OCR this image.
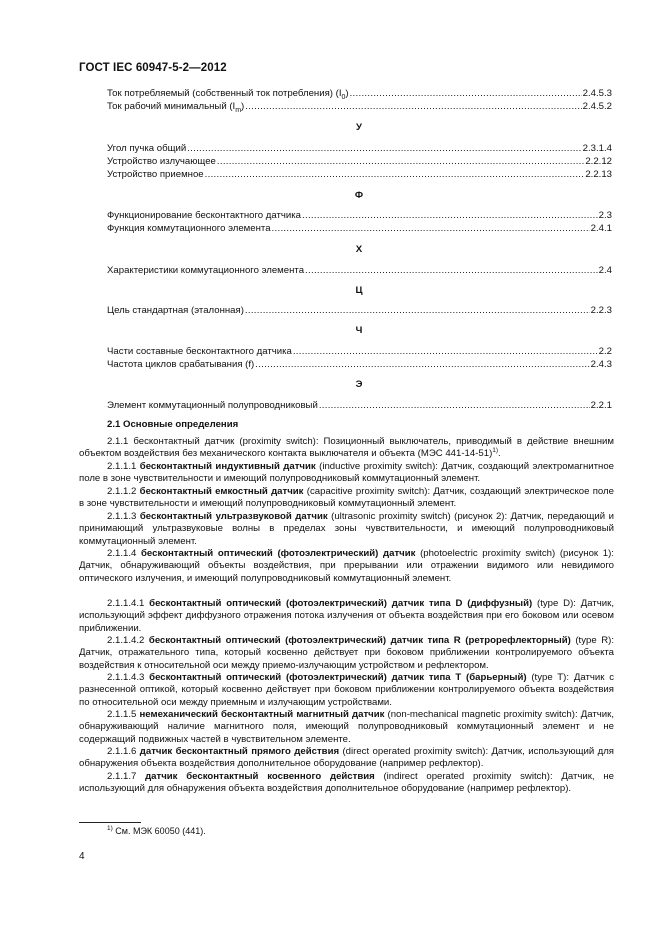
ГОСТ IEC 60947-5-2—2012
Ток потребляемый (собственный ток потребления) $(I_0)$ .....	2.4.5.3
Ток рабочий минимальный $(I_m)$ .....	2.4.5.2
У
Угол пучка общий .....	2.3.1.4
Устройство излучающее .....	2.2.12
Устройство приемное .....	2.2.13
Ф
Функционирование бесконтактного датчика .....	2.3
Функция коммутационного элемента .....	2.4.1
Х
Характеристики коммутационного элемента .....	2.4
Ц
Цель стандартная (эталонная) .....	2.2.3
Ч
Части составные бесконтактного датчика .....	2.2
Частота циклов срабатывания (f) .....	2.4.3
Э
Элемент коммутационный полупроводниковый .....	2.2.1
2.1 Основные определения
2.1.1 бесконтактный датчик (proximity switch): Позиционный выключатель, приводимый в действие внешним объектом воздействия без механического контакта выключателя и объекта (МЭС 441-14-51)$^{1)}$.
2.1.1.1 бесконтактный индуктивный датчик (inductive proximity switch): Датчик, создающий электромагнитное поле в зоне чувствительности и имеющий полупроводниковый коммутационный элемент.
2.1.1.2 бесконтактный емкостный датчик (capacitive proximity switch): Датчик, создающий электрическое поле в зоне чувствительности и имеющий полупроводниковый коммутационный элемент.
2.1.1.3 бесконтактный ультразвуковой датчик (ultrasonic proximity switch) (рисунок 2): Датчик, передающий и принимающий ультразвуковые волны в пределах зоны чувствительности, и имеющий полупроводниковый коммутационный элемент.
2.1.1.4 бесконтактный оптический (фотоэлектрический) датчик (photoelectric proximity switch) (рисунок 1): Датчик, обнаруживающий объекты воздействия, при прерывании или отражении видимого или невидимого оптического излучения, и имеющий полупроводниковый коммутационный элемент.
2.1.1.4.1 бесконтактный оптический (фотоэлектрический) датчик типа D (диффузный) (type D): Датчик, использующий эффект диффузного отражения потока излучения от объекта воздействия при его боковом или осевом приближении.
2.1.1.4.2 бесконтактный оптический (фотоэлектрический) датчик типа R (ретрорефлекторный) (type R): Датчик, отражательного типа, который косвенно действует при боковом приближении контролируемого объекта воздействия к относительной оси между приемо-излучающим устройством и рефлектором.
2.1.1.4.3 бесконтактный оптический (фотоэлектрический) датчик типа T (барьерный) (type T): Датчик с разнесенной оптикой, который косвенно действует при боковом приближении контролируемого объекта воздействия по относительной оси между приемным и излучающим устройствами.
2.1.1.5 немеханический бесконтактный магнитный датчик (non-mechanical magnetic proximity switch): Датчик, обнаруживающий наличие магнитного поля, имеющий полупроводниковый коммутационный элемент и не содержащий подвижных частей в чувствительном элементе.
2.1.1.6 датчик бесконтактный прямого действия (direct operated proximity switch): Датчик, использующий для обнаружения объекта воздействия дополнительное оборудование (например рефлектор).
2.1.1.7 датчик бесконтактный косвенного действия (indirect operated proximity switch): Датчик, не использующий для обнаружения объекта воздействия дополнительное оборудование (например рефлектор).
$^{1)}$ См. МЭК 60050 (441).
4
